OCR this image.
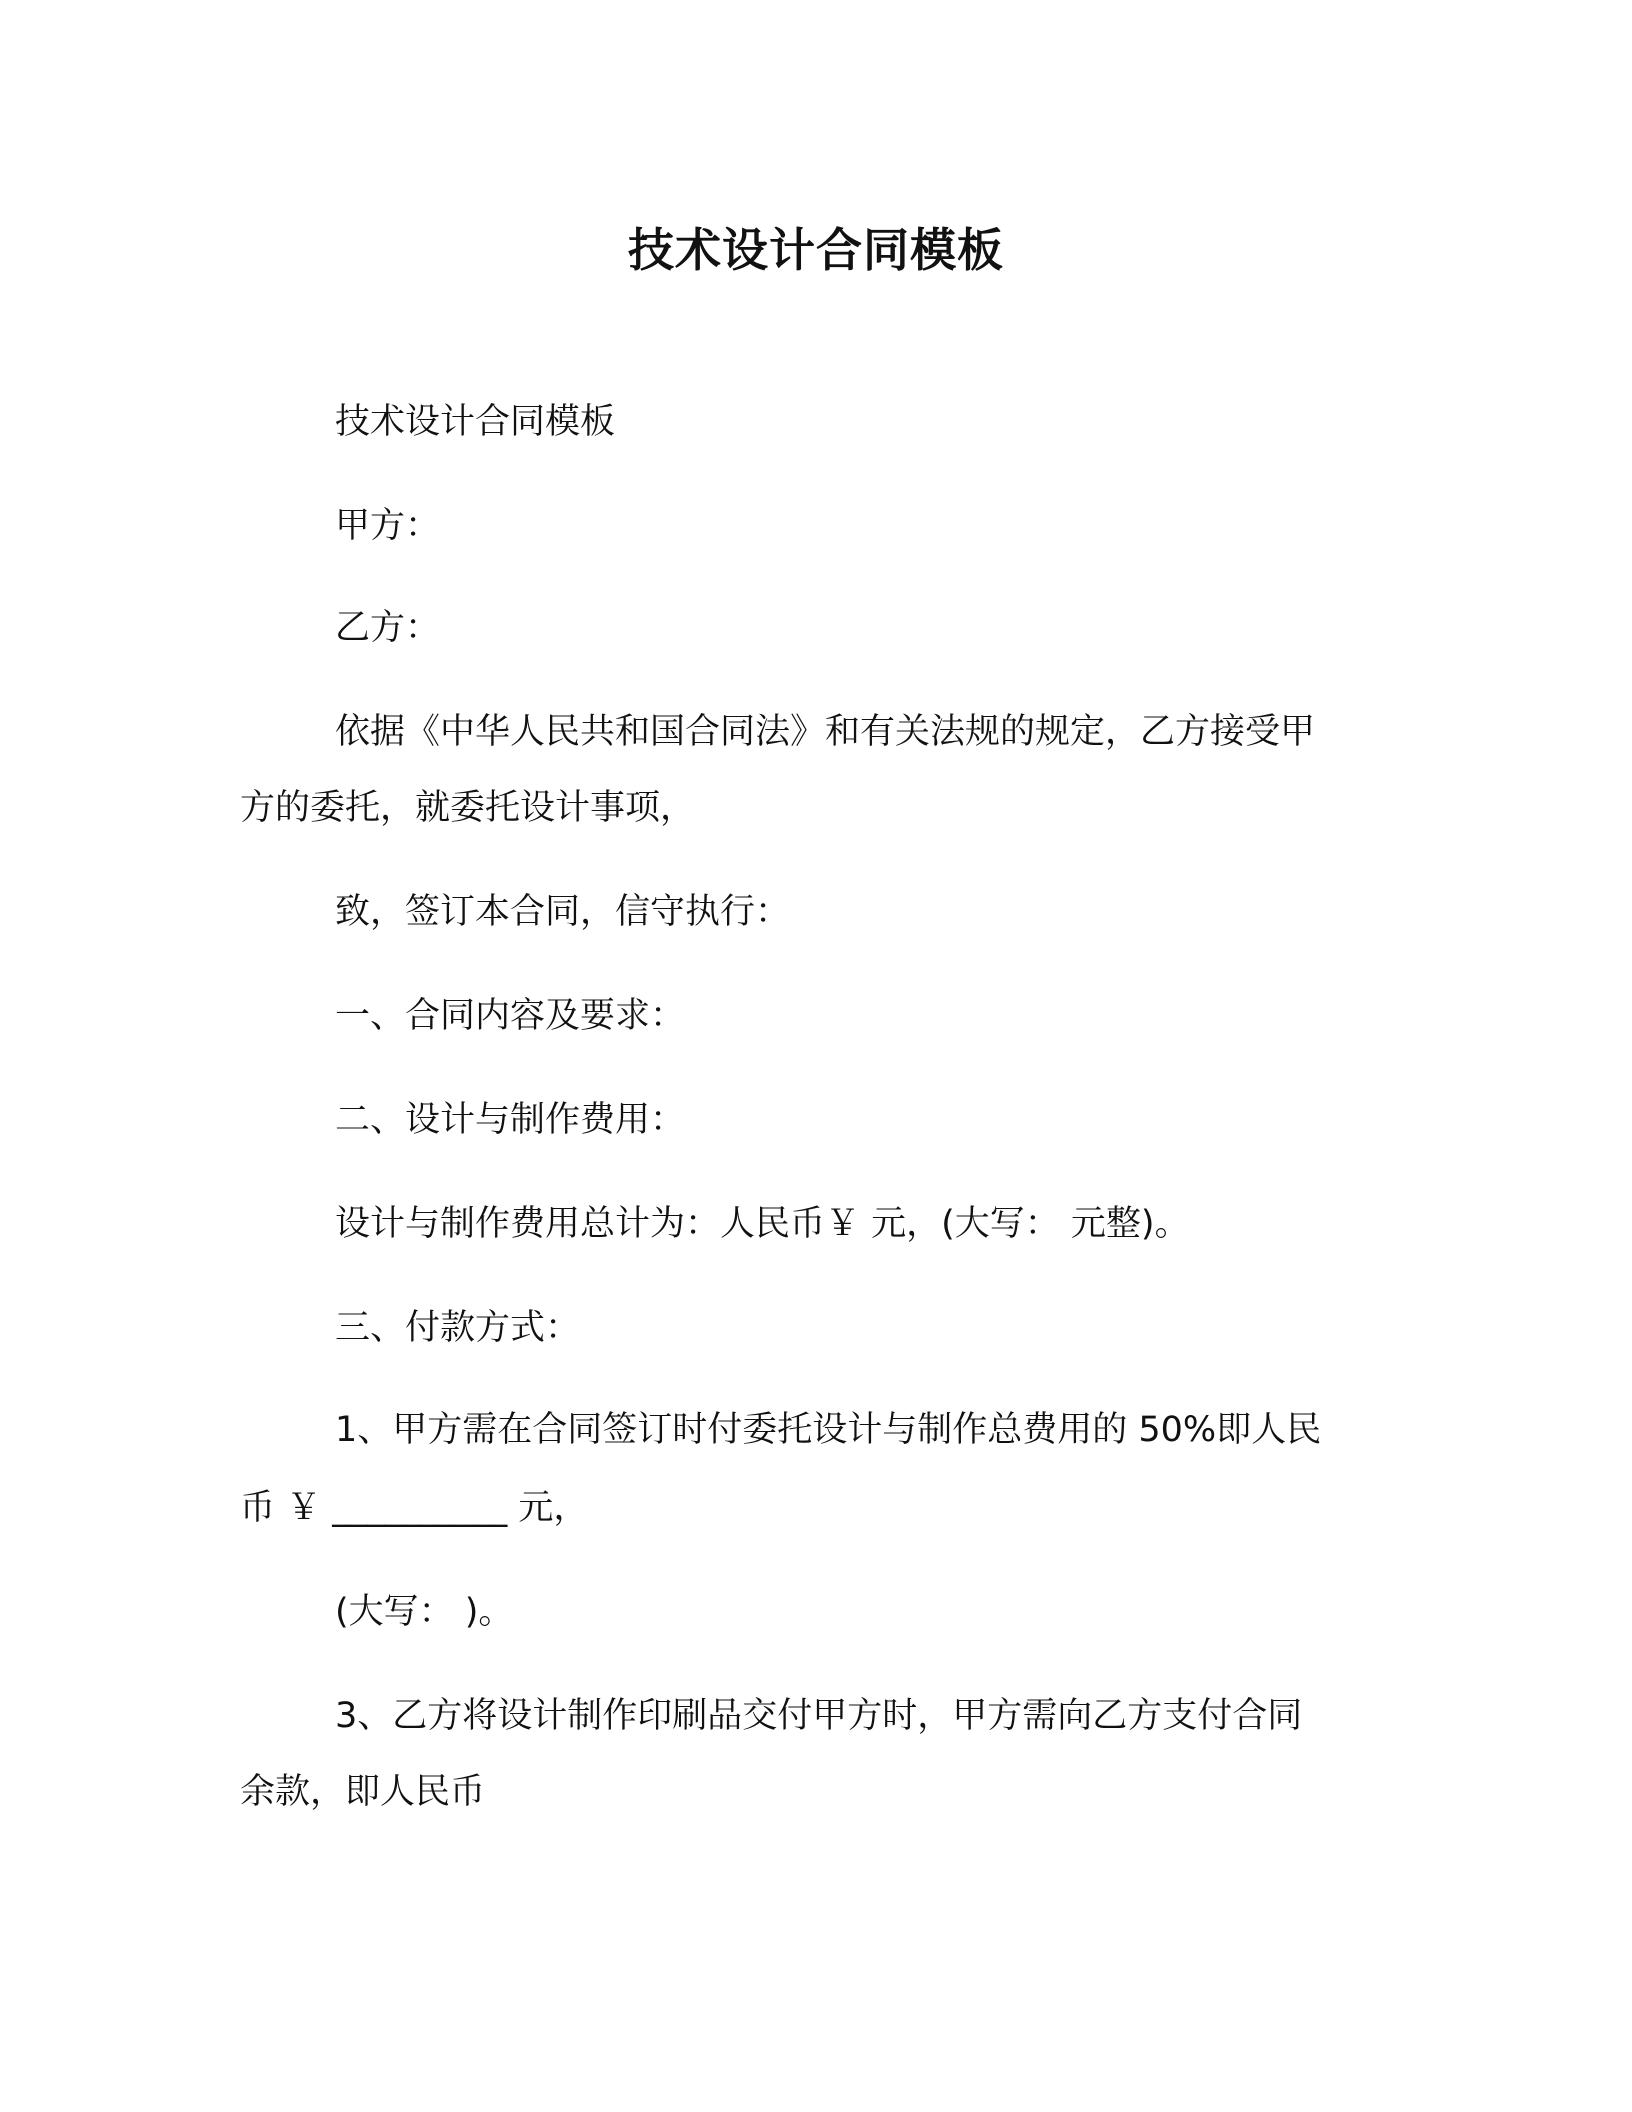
技术设计合同模板
技术设计合同模板
甲方：
乙方：
依据《中华人民共和国合同法》和有关法规的规定，乙方接受甲
方的委托，就委托设计事项，
致，签订本合同，信守执行：
一、合同内容及要求：
二、设计与制作费用：
设计与制作费用总计为：人民币￥ 元，(大写： 元整)。
三、付款方式：
1、甲方需在合同签订时付委托设计与制作总费用的 50%即人民
币 ￥ __________ 元，
(大写： )。
3、乙方将设计制作印刷品交付甲方时，甲方需向乙方支付合同
余款，即人民币
